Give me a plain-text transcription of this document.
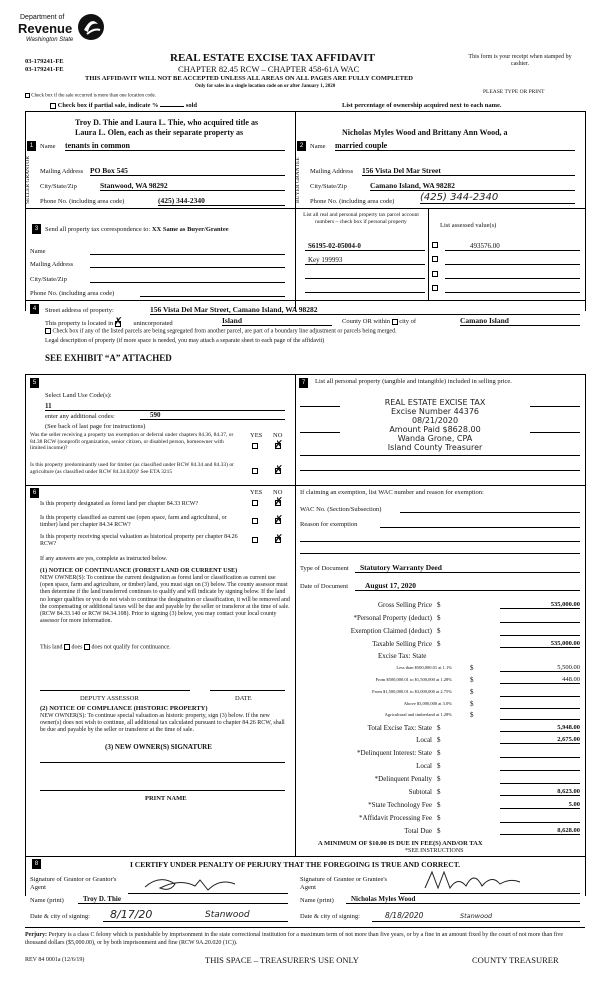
Department of
Revenue
Washington State
03-179241-FE
03-179241-FE
REAL ESTATE EXCISE TAX AFFIDAVIT
CHAPTER 82.45 RCW – CHAPTER 458-61A WAC
THIS AFFIDAVIT WILL NOT BE ACCEPTED UNLESS ALL AREAS ON ALL PAGES ARE FULLY COMPLETED
Only for sales in a single location code on or after January 1, 2020
This form is your receipt when stamped by cashier.
PLEASE TYPE OR PRINT
Check box if the sale occurred is more than one location code.
Check box if partial sale, indicate %	sold	List percentage of ownership acquired next to each name.
1
Troy D. Thie and Laura L. Thie, who acquired title as
Laura L. Olen, each as their separate property as
Name tenants in common
SELLER GRANTOR	Mailing Address PO Box 545
City/State/Zip	Stanwood, WA 98292
Phone No. (including area code)	(425) 344-2340
2
Nicholas Myles Wood and Brittany Ann Wood, a
Name married couple
BUYER GRANTEE	Mailing Address 156 Vista Del Mar Street
City/State/Zip	Camano Island, WA 98282
Phone No. (including area code)	(425) 344-2340
3	Send all property tax correspondence to: XX Same as Buyer/Grantee
Name
Mailing Address
City/State/Zip
Phone No. (including area code)
List all real and personal property tax parcel account numbers – check box if personal property
List assessed value(s)
S6195-02-05004-0	493576.00
Key 199993
4	Street address of property:	156 Vista Del Mar Street, Camano Island, WA 98282
This property is located in  ✗ unincorporated	Island	County OR within city of	Camano Island
Check box if any of the listed parcels are being segregated from another parcel, are part of a boundary line adjustment or parcels being merged.
Legal description of property (if more space is needed, you may attach a separate sheet to each page of the affidavit)
SEE EXHIBIT “A” ATTACHED
5
Select Land Use Code(s):
11
enter any additional codes:	590
(See back of last page for instructions)
YES NO
Was the seller receiving a property tax exemption or deferral under chapters 84.36, 84.37, or 84.38 RCW (nonprofit organization, senior citizen, or disabled person, homeowner with limited income)?	✗
Is this property predominantly used for timber (as classified under RCW 84.34 and 84.33) or agriculture (as classified under RCW 84.34.020)? See ETA 3215	✗
6	YES NO
Is this property designated as forest land per chapter 84.33 RCW?	✗
Is this property classified as current use (open space, farm and agricultural, or timber) land per chapter 84.34 RCW?	✗
Is this property receiving special valuation as historical property per chapter 84.26 RCW?	✗
If any answers are yes, complete as instructed below.
(1) NOTICE OF CONTINUANCE (FOREST LAND OR CURRENT USE)
NEW OWNER(S): To continue the current designation as forest land or classification as current use (open space, farm and agriculture, or timber) land, you must sign on (3) below. The county assessor must then determine if the land transferred continues to qualify and will indicate by signing below. If the land no longer qualifies or you do not wish to continue the designation or classification, it will be removed and the compensating or additional taxes will be due and payable by the seller or transferor at the time of sale. (RCW 84.33.140 or RCW 84.34.108). Prior to signing (3) below, you may contact your local county assessor for more information.
This land does does not qualify for continuance.
DEPUTY ASSESSOR	DATE
(2) NOTICE OF COMPLIANCE (HISTORIC PROPERTY)
NEW OWNER(S): To continue special valuation as historic property, sign (3) below. If the new owner(s) does not wish to continue, all additional tax calculated pursuant to chapter 84.26 RCW, shall be due and payable by the seller or transferor at the time of sale.
(3) NEW OWNER(S) SIGNATURE
PRINT NAME
7	List all personal property (tangible and intangible) included in selling price.
REAL ESTATE EXCISE TAX
Excise Number 44376
08/21/2020
Amount Paid $8628.00
Wanda Grone, CPA
Island County Treasurer
If claiming an exemption, list WAC number and reason for exemption:
WAC No. (Section/Subsection)
Reason for exemption
Type of Document	Statutory Warranty Deed
Date of Document	August 17, 2020
Gross Selling Price $	535,000.00
*Personal Property (deduct) $
Exemption Claimed (deduct) $
Taxable Selling Price $	535,000.00
Excise Tax: State
Less than $500,000.01 at 1.1%	$	5,500.00
From $500,000.01 to $1,500,000 at 1.28%	$	448.00
From $1,500,000.01 to $3,000,000 at 2.75%	$
Above $3,000,000 at 3.0%	$
Agricultural and timberland at 1.28%	$
Total Excise Tax: State $	5,948.00
Local $	2,675.00
*Delinquent Interest: State $
Local $
*Delinquent Penalty $
Subtotal $	8,623.00
*State Technology Fee $	5.00
*Affidavit Processing Fee $
Total Due $	8,628.00
A MINIMUM OF $10.00 IS DUE IN FEE(S) AND/OR TAX
*SEE INSTRUCTIONS
8	I CERTIFY UNDER PENALTY OF PERJURY THAT THE FOREGOING IS TRUE AND CORRECT.
Signature of Grantor or Grantor's Agent
Signature of Grantee or Grantee's Agent
Name (print)	Troy D. Thie	Name (print)	Nicholas Myles Wood
Date & city of signing: 8/17/20	Stanwood	Date & city of signing:	8/18/2020	Stanwood
Perjury: Perjury is a class C felony which is punishable by imprisonment in the state correctional institution for a maximum term of not more than five years, or by a fine in an amount fixed by the court of not more than five thousand dollars ($5,000.00), or by both imprisonment and fine (RCW 9A.20.020 (1C)).
REV 84 0001a (12/6/19)	THIS SPACE – TREASURER'S USE ONLY	COUNTY TREASURER
